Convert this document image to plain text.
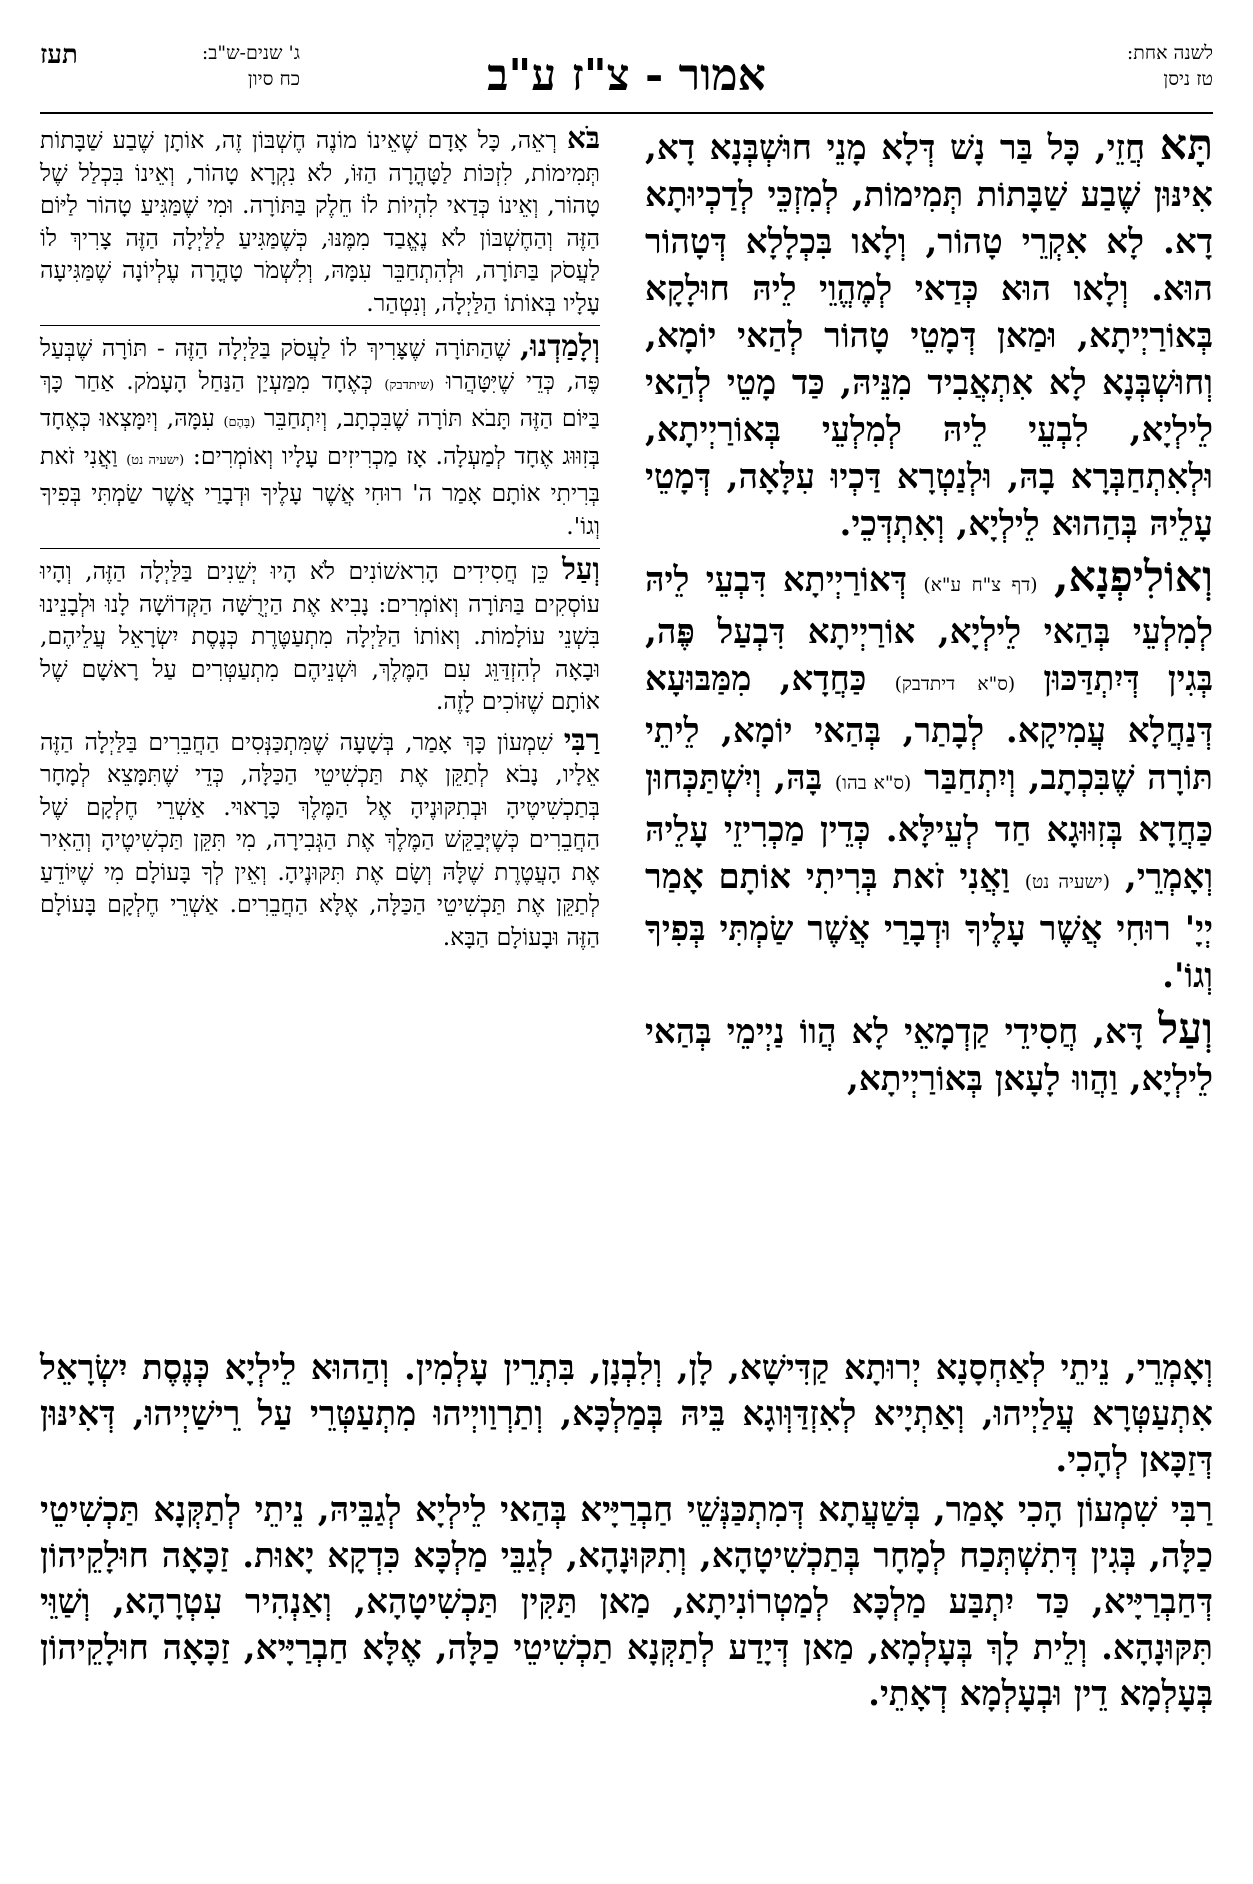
תעז	ג' שנים-ש"ב:
כח סיון	אמור - צ"ז ע"ב	לשנה אחת:
טז ניסן

תָּא חֲזֵי, כָּל בַּר נָשׁ דְּלָא מָנֵי חוּשְׁבְּנָא דָא, אִינּוּן שֶׁבַע שַׁבָּתוֹת תְּמִימוֹת, לְמִזְכֵּי לְדַכְיוּתָא דָא. לָא אִקְרֵי טָהוֹר, וְלָאו בִּכְלָלָא דְּטָהוֹר הוּא. וְלָאו הוּא כְּדַאי לְמֶהֱוֵי לֵיהּ חוּלָקָא בְּאוֹרַיְיתָא, וּמַאן דְּמָטֵי טָהוֹר לְהַאי יוֹמָא, וְחוּשְׁבְּנָא לָא אִתְאֲבִיד מִנֵּיהּ, כַּד מָטֵי לְהַאי לֵילְיָא, לִבְעֵי לֵיהּ לְמִלְעֵי בְּאוֹרַיְיתָא, וּלְאִתְחַבְּרָא בָהּ, וּלְנַטְרָא דַּכְיוּ עִלָּאָה, דְּמָטֵי עָלֵיהּ בְּהַהוּא לֵילְיָא, וְאִתְדְּכֵי.

וְאוֹלִיפְנָא, (דף צ"ח ע"א) דְּאוֹרַיְיתָא דִּבְעֵי לֵיהּ לְמִלְעֵי בְּהַאי לֵילְיָא, אוֹרַיְיתָא דִּבְעַל פֶּה, בְּגִין דְּיִתְדַּכּוּן (ס"א דיתדבק) כַּחֲדָא, מִמַּבּוּעָא דְּנַחֲלָא עֲמִיקָא. לְבָתַר, בְּהַאי יוֹמָא, לֵיתֵי תּוֹרָה שֶׁבִּכְתָב, וְיִתְחַבַּר (ס"א בהו) בָּהּ, וְיִשְׁתַּכְּחוּן כַּחֲדָא בְּזִוּוּגָא חַד לְעֵילָּא. כְּדֵין מַכְרִיזֵי עָלֵיהּ וְאָמְרֵי, (ישעיה נט) וַאֲנִי זֹאת בְּרִיתִי אוֹתָם אָמַר יְיָ' רוּחִי אֲשֶׁר עָלֶיךָ וּדְבָרַי אֲשֶׁר שַׂמְתִּי בְּפִיךָ וְגוֹ'.

וְעַל דָּא, חֲסִידֵי קַדְמָאֵי לָא הֲווֹ נַיְימֵי בְּהַאי לֵילְיָא, וַהֲווּ לָעָאן בְּאוֹרַיְיתָא,

בֹּא רְאֵה, כָּל אָדָם שֶׁאֵינוֹ מוֹנֶה חֶשְׁבּוֹן זֶה, אוֹתָן שֶׁבַע שַׁבָּתוֹת תְּמִימוֹת, לִזְכּוֹת לַטָּהֳרָה הַזּוֹ, לֹא נִקְרָא טָהוֹר, וְאֵינוֹ בִּכְלַל שֶׁל טָהוֹר, וְאֵינוֹ כְּדַאי לִהְיוֹת לוֹ חֵלֶק בַּתּוֹרָה. וּמִי שֶׁמַּגִּיעַ טָהוֹר לַיּוֹם הַזֶּה וְהַחֶשְׁבּוֹן לֹא נֶאֱבַד מִמֶּנּוּ, כְּשֶׁמַּגִּיעַ לַלַּיְלָה הַזֶּה צָרִיךְ לוֹ לַעֲסֹק בַּתּוֹרָה, וּלְהִתְחַבֵּר עִמָּהּ, וְלִשְׁמֹר טָהֳרָה עֶלְיוֹנָה שֶׁמַּגִּיעָה עָלָיו בְּאוֹתוֹ הַלַּיְלָה, וְנִטְהַר.

וְלָמַדְנוּ, שֶׁהַתּוֹרָה שֶׁצָּרִיךְ לוֹ לַעֲסֹק בַּלַּיְלָה הַזֶּה - תּוֹרָה שֶׁבְּעַל פֶּה, כְּדֵי שֶׁיִּטָּהֲרוּ (שיתדבק) כְּאֶחָד מִמַּעְיַן הַנַּחַל הָעָמֹק. אַחַר כָּךְ בַּיּוֹם הַזֶּה תָּבֹא תּוֹרָה שֶׁבִּכְתָב, וְיִתְחַבֵּר (בָּהֶם) עִמָּהּ, וְיִמָּצְאוּ כְּאֶחָד בְּזִוּוּג אֶחָד לְמַעְלָה. אָז מַכְרִיזִים עָלָיו וְאוֹמְרִים: (ישעיה נט) וַאֲנִי זֹאת בְּרִיתִי אוֹתָם אָמַר ה' רוּחִי אֲשֶׁר עָלֶיךָ וּדְבָרַי אֲשֶׁר שַׂמְתִּי בְּפִיךָ וְגוֹ'.

וְעַל כֵּן חֲסִידִים הָרִאשׁוֹנִים לֹא הָיוּ יְשֵׁנִים בַּלַּיְלָה הַזֶּה, וְהָיוּ עוֹסְקִים בַּתּוֹרָה וְאוֹמְרִים: נָבִיא אֶת הַיְרֻשָּׁה הַקְּדוֹשָׁה לָנוּ וּלְבָנֵינוּ בִּשְׁנֵי עוֹלָמוֹת. וְאוֹתוֹ הַלַּיְלָה מִתְעַטֶּרֶת כְּנֶסֶת יִשְׂרָאֵל עֲלֵיהֶם, וּבָאָה לְהִזְדַּוֵּג עִם הַמֶּלֶךְ, וּשְׁנֵיהֶם מִתְעַטְּרִים עַל רָאשָׁם שֶׁל אוֹתָם שֶׁזּוֹכִים לָזֶה.

רַבִּי שִׁמְעוֹן כָּךְ אָמַר, בְּשָׁעָה שֶׁמִּתְכַּנְּסִים הַחֲבֵרִים בַּלַּיְלָה הַזֶּה אֵלָיו, נָבֹא לְתַקֵּן אֶת תַּכְשִׁיטֵי הַכַּלָּה, כְּדֵי שֶׁתִּמָּצֵא לְמָחָר בְּתַכְשִׁיטֶיהָ וּבְתִקּוּנֶיהָ אֶל הַמֶּלֶךְ כָּרָאוּי. אַשְׁרֵי חֶלְקָם שֶׁל הַחֲבֵרִים כְּשֶׁיְּבַקֵּשׁ הַמֶּלֶךְ אֶת הַגְּבִירָה, מִי תִּקֵּן תַּכְשִׁיטֶיהָ וְהֵאִיר אֶת הָעֲטֶרֶת שֶׁלָּהּ וְשָׂם אֶת תִּקּוּנֶיהָ. וְאֵין לְךָ בָּעוֹלָם מִי שֶׁיּוֹדֵעַ לְתַקֵּן אֶת תַּכְשִׁיטֵי הַכַּלָּה, אֶלָּא הַחֲבֵרִים. אַשְׁרֵי חֶלְקָם בָּעוֹלָם הַזֶּה וּבָעוֹלָם הַבָּא.

וְאָמְרֵי, נֵיתֵי לְאַחְסָנָא יְרוּתָא קַדִּישָׁא, לָן, וְלִבְנָן, בִּתְרֵין עָלְמִין. וְהַהוּא לֵילְיָא כְּנֶסֶת יִשְׂרָאֵל אִתְעַטְּרָא עֲלַיְיהוּ, וְאַתְיָיא לְאִזְדַּוְּוגָא בֵּיהּ בְּמַלְכָּא, וְתַרְוַויְיהוּ מִתְעַטְּרֵי עַל רֵישַׁיְיהוּ, דְּאִינּוּן דְּזַכָּאן לְהָכִי.

רַבִּי שִׁמְעוֹן הָכִי אָמַר, בְּשַׁעֲתָא דְּמִתְכַּנְּשֵׁי חַבְרַיָּיא בְּהַאי לֵילְיָא לְגַבֵּיהּ, נֵיתֵי לְתַקְּנָא תַּכְשִׁיטֵי כַלָּה, בְּגִין דְּתִשְׁתְּכַח לְמָחָר בְּתַכְשִׁיטָהָא, וְתִקּוּנָהָא, לְגַבֵּי מַלְכָּא כִּדְקָא יָאוּת. זַכָּאָה חוּלָקֵיהוֹן דְּחַבְרַיָּיא, כַּד יִתְבַּע מַלְכָּא לְמַטְרוֹנִיתָא, מַאן תַּקִּין תַּכְשִׁיטָהָא, וְאַנְהִיר עִטְרָהָא, וְשַׁוֵּי תִּקּוּנָהָא. וְלֵית לָךְ בְּעָלְמָא, מַאן דְּיָדַע לְתַקְּנָא תַכְשִׁיטֵי כַלָּה, אֶלָּא חַבְרַיָּיא, זַכָּאָה חוּלָקֵיהוֹן בְּעָלְמָא דֵין וּבְעָלְמָא דְאָתֵי.
